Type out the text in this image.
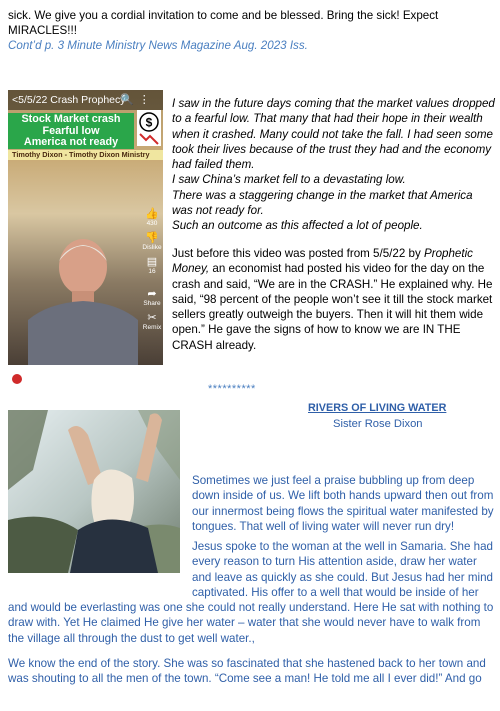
sick. We give you a cordial invitation to come and be blessed. Bring the sick! Expect MIRACLES!!!

Cont’d p. 3 Minute Ministry News Magazine Aug. 2023 Iss.

<5/5/22 Crash Prophecy
🔍 ⋮
Stock Market crash
Fearful low
America not ready
$
Timothy Dixon - Timothy Dixon Ministry
👍
430
👎
Dislike
▤
16
➦
Share
✂
Remix
@PropheticMoney
Stock Market Crash

I saw in the future days coming that the market values dropped to a fearful low. That many that had their hope in their wealth when it crashed. Many could not take the fall. I had seen some took their lives because of the trust they had and the economy had failed them.

I saw China’s market fell to a devastating low.

There was a staggering change in the market that America was not ready for.

Such an outcome as this affected a lot of people.

Just before this video was posted from 5/5/22 by Prophetic Money, an economist had posted his video for the day on the crash and said, “We are in the CRASH.” He explained why. He said, “98 percent of the people won’t see it till the stock market sellers greatly outweigh the buyers. Then it will hit them wide open.” He gave the signs of how to know we are IN THE CRASH already.

**********
RIVERS OF LIVING WATER
Sister Rose Dixon

Sometimes we just feel a praise bubbling up from deep down inside of us. We lift both hands upward then out from our innermost being flows the spiritual water manifested by tongues. That well of living water will never run dry!

Jesus spoke to the woman at the well in Samaria. She had every reason to turn His attention aside, draw her water and leave as quickly as she could. But Jesus had her mind captivated. His offer to a well that would be inside of her

and would be everlasting was one she could not really understand. Here He sat with nothing to draw with. Yet He claimed He give her water – water that she would never have to walk from the village all through the dust to get well water.,

We know the end of the story. She was so fascinated that she hastened back to her town and was shouting to all the men of the town. “Come see a man! He told me all I ever did!” And go
